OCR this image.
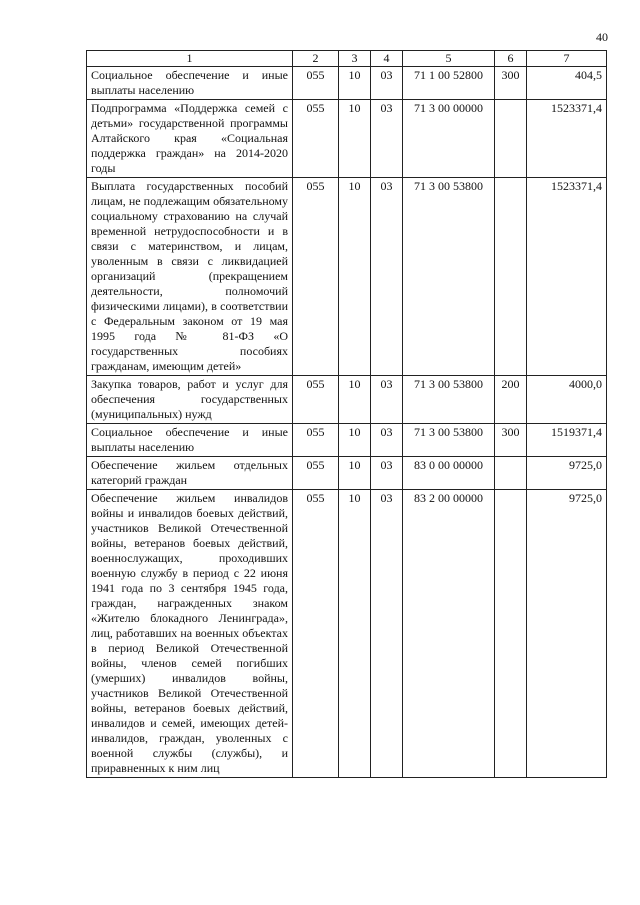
40
1	2	3	4	5	6	7
Социальное обеспечение и иные выплаты населению	055	10	03	71 1 00 52800	300	404,5
Подпрограмма «Поддержка семей с детьми» государственной программы Алтайского края «Социальная поддержка граждан» на 2014-2020 годы	055	10	03	71 3 00 00000		1523371,4
Выплата государственных пособий лицам, не подлежащим обязательному социальному страхованию на случай временной нетрудоспособности и в связи с материнством, и лицам, уволенным в связи с ликвидацией организаций (прекращением деятельности, полномочий физическими лицами), в соответствии с Федеральным законом от 19 мая 1995 года № 81-ФЗ «О государственных пособиях гражданам, имеющим детей»	055	10	03	71 3 00 53800		1523371,4
Закупка товаров, работ и услуг для обеспечения государственных (муниципальных) нужд	055	10	03	71 3 00 53800	200	4000,0
Социальное обеспечение и иные выплаты населению	055	10	03	71 3 00 53800	300	1519371,4
Обеспечение жильем отдельных категорий граждан	055	10	03	83 0 00 00000		9725,0
Обеспечение жильем инвалидов войны и инвалидов боевых действий, участников Великой Отечественной войны, ветеранов боевых действий, военнослужащих, проходивших военную службу в период с 22 июня 1941 года по 3 сентября 1945 года, граждан, награжденных знаком «Жителю блокадного Ленинграда», лиц, работавших на военных объектах в период Великой Отечественной войны, членов семей погибших (умерших) инвалидов войны, участников Великой Отечественной войны, ветеранов боевых действий, инвалидов и семей, имеющих детей-инвалидов, граждан, уволенных с военной службы (службы), и приравненных к ним лиц	055	10	03	83 2 00 00000		9725,0
